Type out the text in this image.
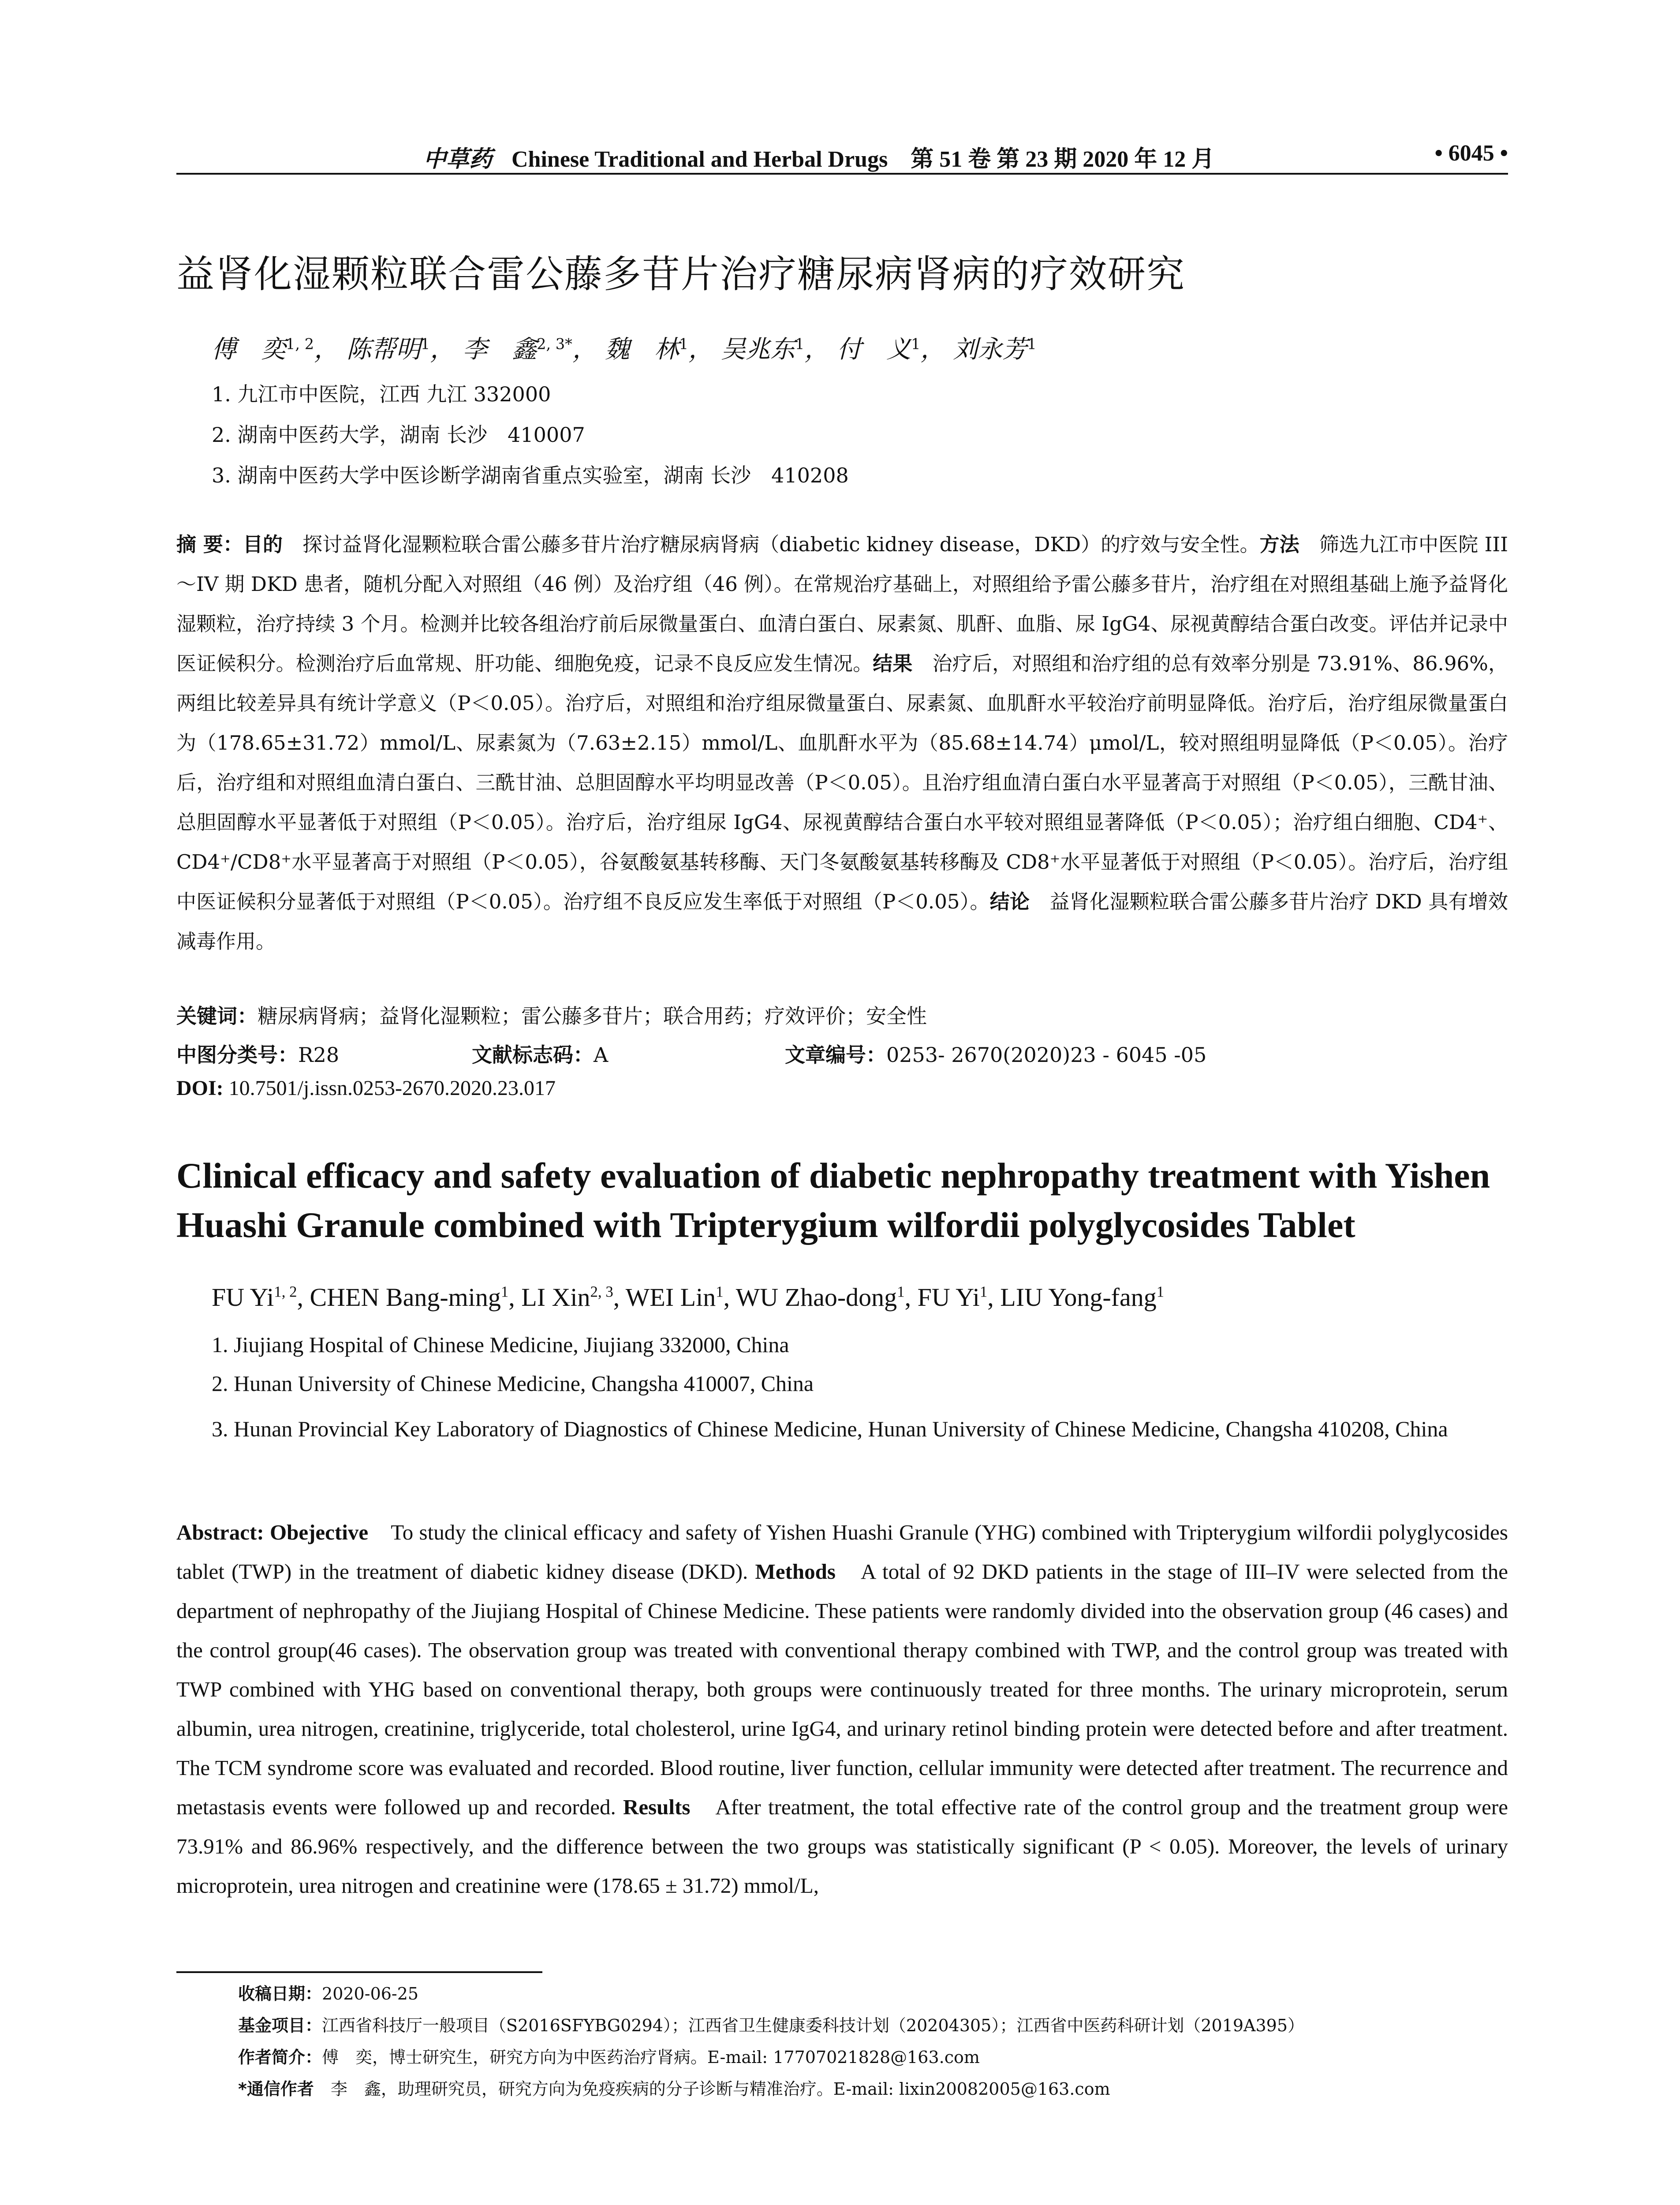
中草药 Chinese Traditional and Herbal Drugs　第 51 卷 第 23 期 2020 年 12 月	• 6045 •
益肾化湿颗粒联合雷公藤多苷片治疗糖尿病肾病的疗效研究
傅　奕$^{1, 2}$， 陈帮明$^1$， 李　鑫$^{2, 3*}$， 魏　林$^1$， 吴兆东$^1$， 付　义$^1$， 刘永芳$^1$
1. 九江市中医院，江西 九江 332000
2. 湖南中医药大学，湖南 长沙　410007
3. 湖南中医药大学中医诊断学湖南省重点实验室，湖南 长沙　410208
摘 要：目的　探讨益肾化湿颗粒联合雷公藤多苷片治疗糖尿病肾病（diabetic kidney disease，DKD）的疗效与安全性。方法　筛选九江市中医院 III～IV 期 DKD 患者，随机分配入对照组（46 例）及治疗组（46 例）。在常规治疗基础上，对照组给予雷公藤多苷片，治疗组在对照组基础上施予益肾化湿颗粒，治疗持续 3 个月。检测并比较各组治疗前后尿微量蛋白、血清白蛋白、尿素氮、肌酐、血脂、尿 IgG4、尿视黄醇结合蛋白改变。评估并记录中医证候积分。检测治疗后血常规、肝功能、细胞免疫，记录不良反应发生情况。结果　治疗后，对照组和治疗组的总有效率分别是 73.91%、86.96%，两组比较差异具有统计学意义（P＜0.05）。治疗后，对照组和治疗组尿微量蛋白、尿素氮、血肌酐水平较治疗前明显降低。治疗后，治疗组尿微量蛋白为（178.65±31.72）mmol/L、尿素氮为（7.63±2.15）mmol/L、血肌酐水平为（85.68±14.74）μmol/L，较对照组明显降低（P＜0.05）。治疗后，治疗组和对照组血清白蛋白、三酰甘油、总胆固醇水平均明显改善（P＜0.05）。且治疗组血清白蛋白水平显著高于对照组（P＜0.05），三酰甘油、总胆固醇水平显著低于对照组（P＜0.05）。治疗后，治疗组尿 IgG4、尿视黄醇结合蛋白水平较对照组显著降低（P＜0.05）；治疗组白细胞、CD4⁺、CD4⁺/CD8⁺水平显著高于对照组（P＜0.05），谷氨酸氨基转移酶、天门冬氨酸氨基转移酶及 CD8⁺水平显著低于对照组（P＜0.05）。治疗后，治疗组中医证候积分显著低于对照组（P＜0.05）。治疗组不良反应发生率低于对照组（P＜0.05）。结论　益肾化湿颗粒联合雷公藤多苷片治疗 DKD 具有增效减毒作用。
关键词：糖尿病肾病；益肾化湿颗粒；雷公藤多苷片；联合用药；疗效评价；安全性
中图分类号：R28	文献标志码：A	文章编号：0253- 2670(2020)23 - 6045 -05
DOI: 10.7501/j.issn.0253-2670.2020.23.017
Clinical efficacy and safety evaluation of diabetic nephropathy treatment with Yishen Huashi Granule combined with Tripterygium wilfordii polyglycosides Tablet
FU Yi$^{1, 2}$, CHEN Bang-ming$^1$, LI Xin$^{2, 3}$, WEI Lin$^1$, WU Zhao-dong$^1$, FU Yi$^1$, LIU Yong-fang$^1$
1. Jiujiang Hospital of Chinese Medicine, Jiujiang 332000, China
2. Hunan University of Chinese Medicine, Changsha 410007, China
3. Hunan Provincial Key Laboratory of Diagnostics of Chinese Medicine, Hunan University of Chinese Medicine, Changsha 410208, China
Abstract: Obejective　To study the clinical efficacy and safety of Yishen Huashi Granule (YHG) combined with Tripterygium wilfordii polyglycosides tablet (TWP) in the treatment of diabetic kidney disease (DKD). Methods　A total of 92 DKD patients in the stage of III–IV were selected from the department of nephropathy of the Jiujiang Hospital of Chinese Medicine. These patients were randomly divided into the observation group (46 cases) and the control group(46 cases). The observation group was treated with conventional therapy combined with TWP, and the control group was treated with TWP combined with YHG based on conventional therapy, both groups were continuously treated for three months. The urinary microprotein, serum albumin, urea nitrogen, creatinine, triglyceride, total cholesterol, urine IgG4, and urinary retinol binding protein were detected before and after treatment. The TCM syndrome score was evaluated and recorded. Blood routine, liver function, cellular immunity were detected after treatment. The recurrence and metastasis events were followed up and recorded. Results　After treatment, the total effective rate of the control group and the treatment group were 73.91% and 86.96% respectively, and the difference between the two groups was statistically significant (P < 0.05). Moreover, the levels of urinary microprotein, urea nitrogen and creatinine were (178.65 ± 31.72) mmol/L,
收稿日期：2020-06-25
基金项目：江西省科技厅一般项目（S2016SFYBG0294）；江西省卫生健康委科技计划（20204305）；江西省中医药科研计划（2019A395）
作者简介：傅　奕，博士研究生，研究方向为中医药治疗肾病。E-mail: 17707021828@163.com
*通信作者　李　鑫，助理研究员，研究方向为免疫疾病的分子诊断与精准治疗。E-mail: lixin20082005@163.com
